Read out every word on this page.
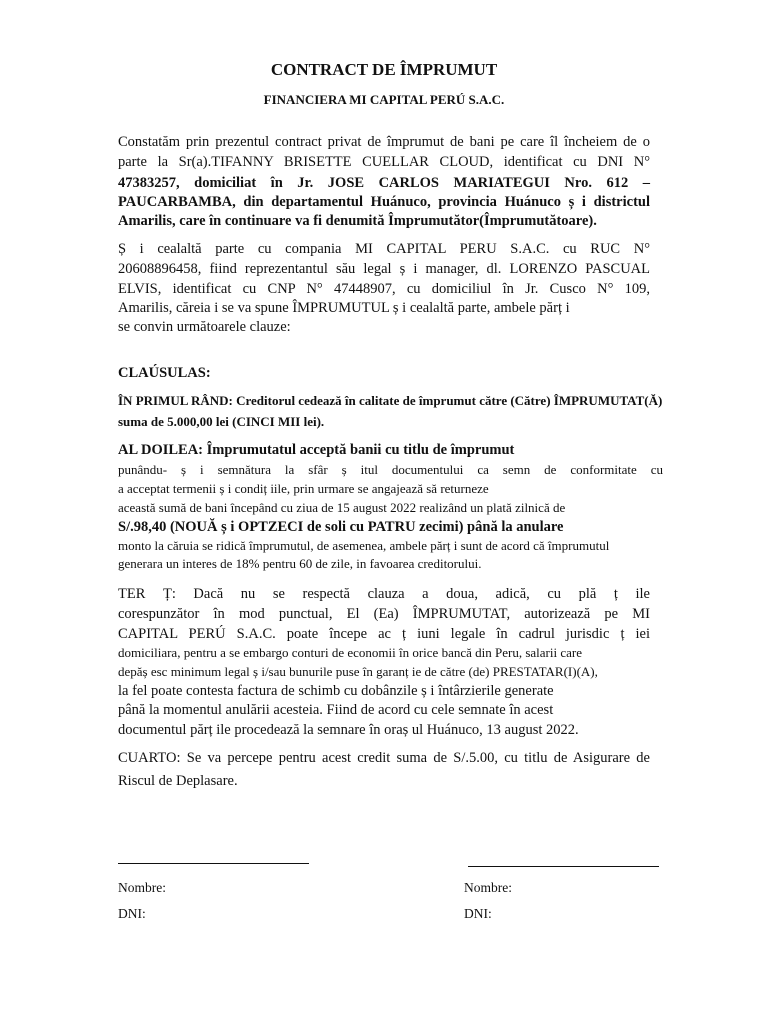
CONTRACT DE ÎMPRUMUT
FINANCIERA MI CAPITAL PERÚ S.A.C.
Constatăm prin prezentul contract privat de împrumut de bani pe care îl încheiem de o
parte la Sr(a).TIFANNY BRISETTE CUELLAR CLOUD, identificat cu DNI N°
47383257, domiciliat în Jr. JOSE CARLOS MARIATEGUI Nro. 612 –
PAUCARBAMBA, din departamentul Huánuco, provincia Huánuco ș i districtul
Amarilis, care în continuare va fi denumită Împrumutător(Împrumutătoare).
Ș i cealaltă parte cu compania MI CAPITAL PERU S.A.C. cu RUC N°
20608896458, fiind reprezentantul său legal ș i manager, dl. LORENZO PASCUAL
ELVIS, identificat cu CNP N° 47448907, cu domiciliul în Jr. Cusco N° 109,
Amarilis, căreia i se va spune ÎMPRUMUTUL ș i cealaltă parte, ambele părț i
se convin următoarele clauze:
CLAÚSULAS:
ÎN PRIMUL RÂND: Creditorul cedează în calitate de împrumut către (Către) ÎMPRUMUTAT(Ă)
suma de 5.000,00 lei (CINCI MII lei).
AL DOILEA: Împrumutatul acceptă banii cu titlu de împrumut
punându- ș i semnătura la sfâr ș itul documentului ca semn de conformitate cu
a acceptat termenii ș i condiț iile, prin urmare se angajează să returneze
această sumă de bani începând cu ziua de 15 august 2022 realizând un plată zilnică de
S/.98,40 (NOUĂ ș i OPTZECI de soli cu PATRU zecimi) până la anulare
monto la căruia se ridică împrumutul, de asemenea, ambele părț i sunt de acord că împrumutul
generara un interes de 18% pentru 60 de zile, in favoarea creditorului.
TER Ț: Dacă nu se respectă clauza a doua, adică, cu plă ț ile
corespunzător în mod punctual, El (Ea) ÎMPRUMUTAT, autorizează pe MI
CAPITAL PERÚ S.A.C. poate începe ac ț iuni legale în cadrul jurisdic ț iei
domiciliara, pentru a se embargo conturi de economii în orice bancă din Peru, salarii care
depăș esc minimum legal ș i/sau bunurile puse în garanț ie de către (de) PRESTATAR(I)(A),
la fel poate contesta factura de schimb cu dobânzile ș i întârzierile generate
până la momentul anulării acesteia. Fiind de acord cu cele semnate în acest
documentul părț ile procedează la semnare în oraș ul Huánuco, 13 august 2022.
CUARTO: Se va percepe pentru acest credit suma de S/.5.00, cu titlu de Asigurare de
Riscul de Deplasare.
Nombre:
DNI:
Nombre:
DNI:
